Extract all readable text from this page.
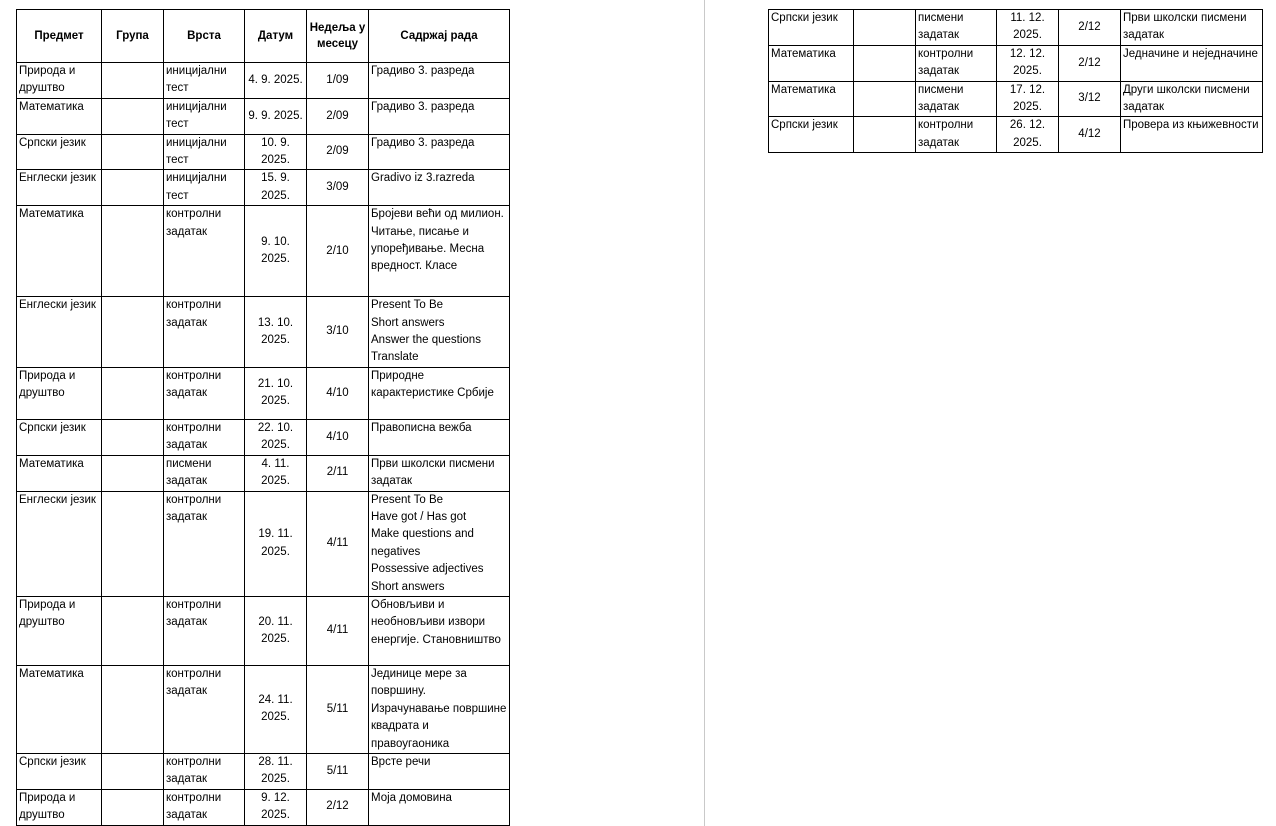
Предмет	Група	Врста	Датум	Недеља у месецу	Садржај рада
Природа и друштво		иницијални тест	4. 9. 2025.	1/09	Градиво 3. разреда
Математика		иницијални тест	9. 9. 2025.	2/09	Градиво 3. разреда
Српски језик		иницијални тест	10. 9. 2025.	2/09	Градиво 3. разреда
Енглески језик		иницијални тест	15. 9. 2025.	3/09	Gradivo iz 3.razreda
Математика		контролни задатак	9. 10. 2025.	2/10	Бројеви већи од милион. Читање, писање и упоређивање. Месна вредност. Класе
Енглески језик		контролни задатак	13. 10. 2025.	3/10	Present To Be
Short answers
Answer the questions
Translate
Природа и друштво		контролни задатак	21. 10. 2025.	4/10	Природне карактеристике Србије
Српски језик		контролни задатак	22. 10. 2025.	4/10	Правописна вежба
Математика		писмени задатак	4. 11. 2025.	2/11	Први школски писмени задатак
Енглески језик		контролни задатак	19. 11. 2025.	4/11	Present To Be
Have got / Has got
Make questions and negatives
Possessive adjectives
Short answers
Природа и друштво		контролни задатак	20. 11. 2025.	4/11	Обновљиви и необновљиви извори енергије. Становништво
Математика		контролни задатак	24. 11. 2025.	5/11	Јединице мере за површину. Израчунавање површине квадрата и правоугаоника
Српски језик		контролни задатак	28. 11. 2025.	5/11	Врсте речи
Природа и друштво		контролни задатак	9. 12. 2025.	2/12	Моја домовина
Српски језик		писмени задатак	11. 12. 2025.	2/12	Први школски писмени задатак
Математика		контролни задатак	12. 12. 2025.	2/12	Једначине и неједначине
Математика		писмени задатак	17. 12. 2025.	3/12	Други школски писмени задатак
Српски језик		контролни задатак	26. 12. 2025.	4/12	Провера из књижевности
